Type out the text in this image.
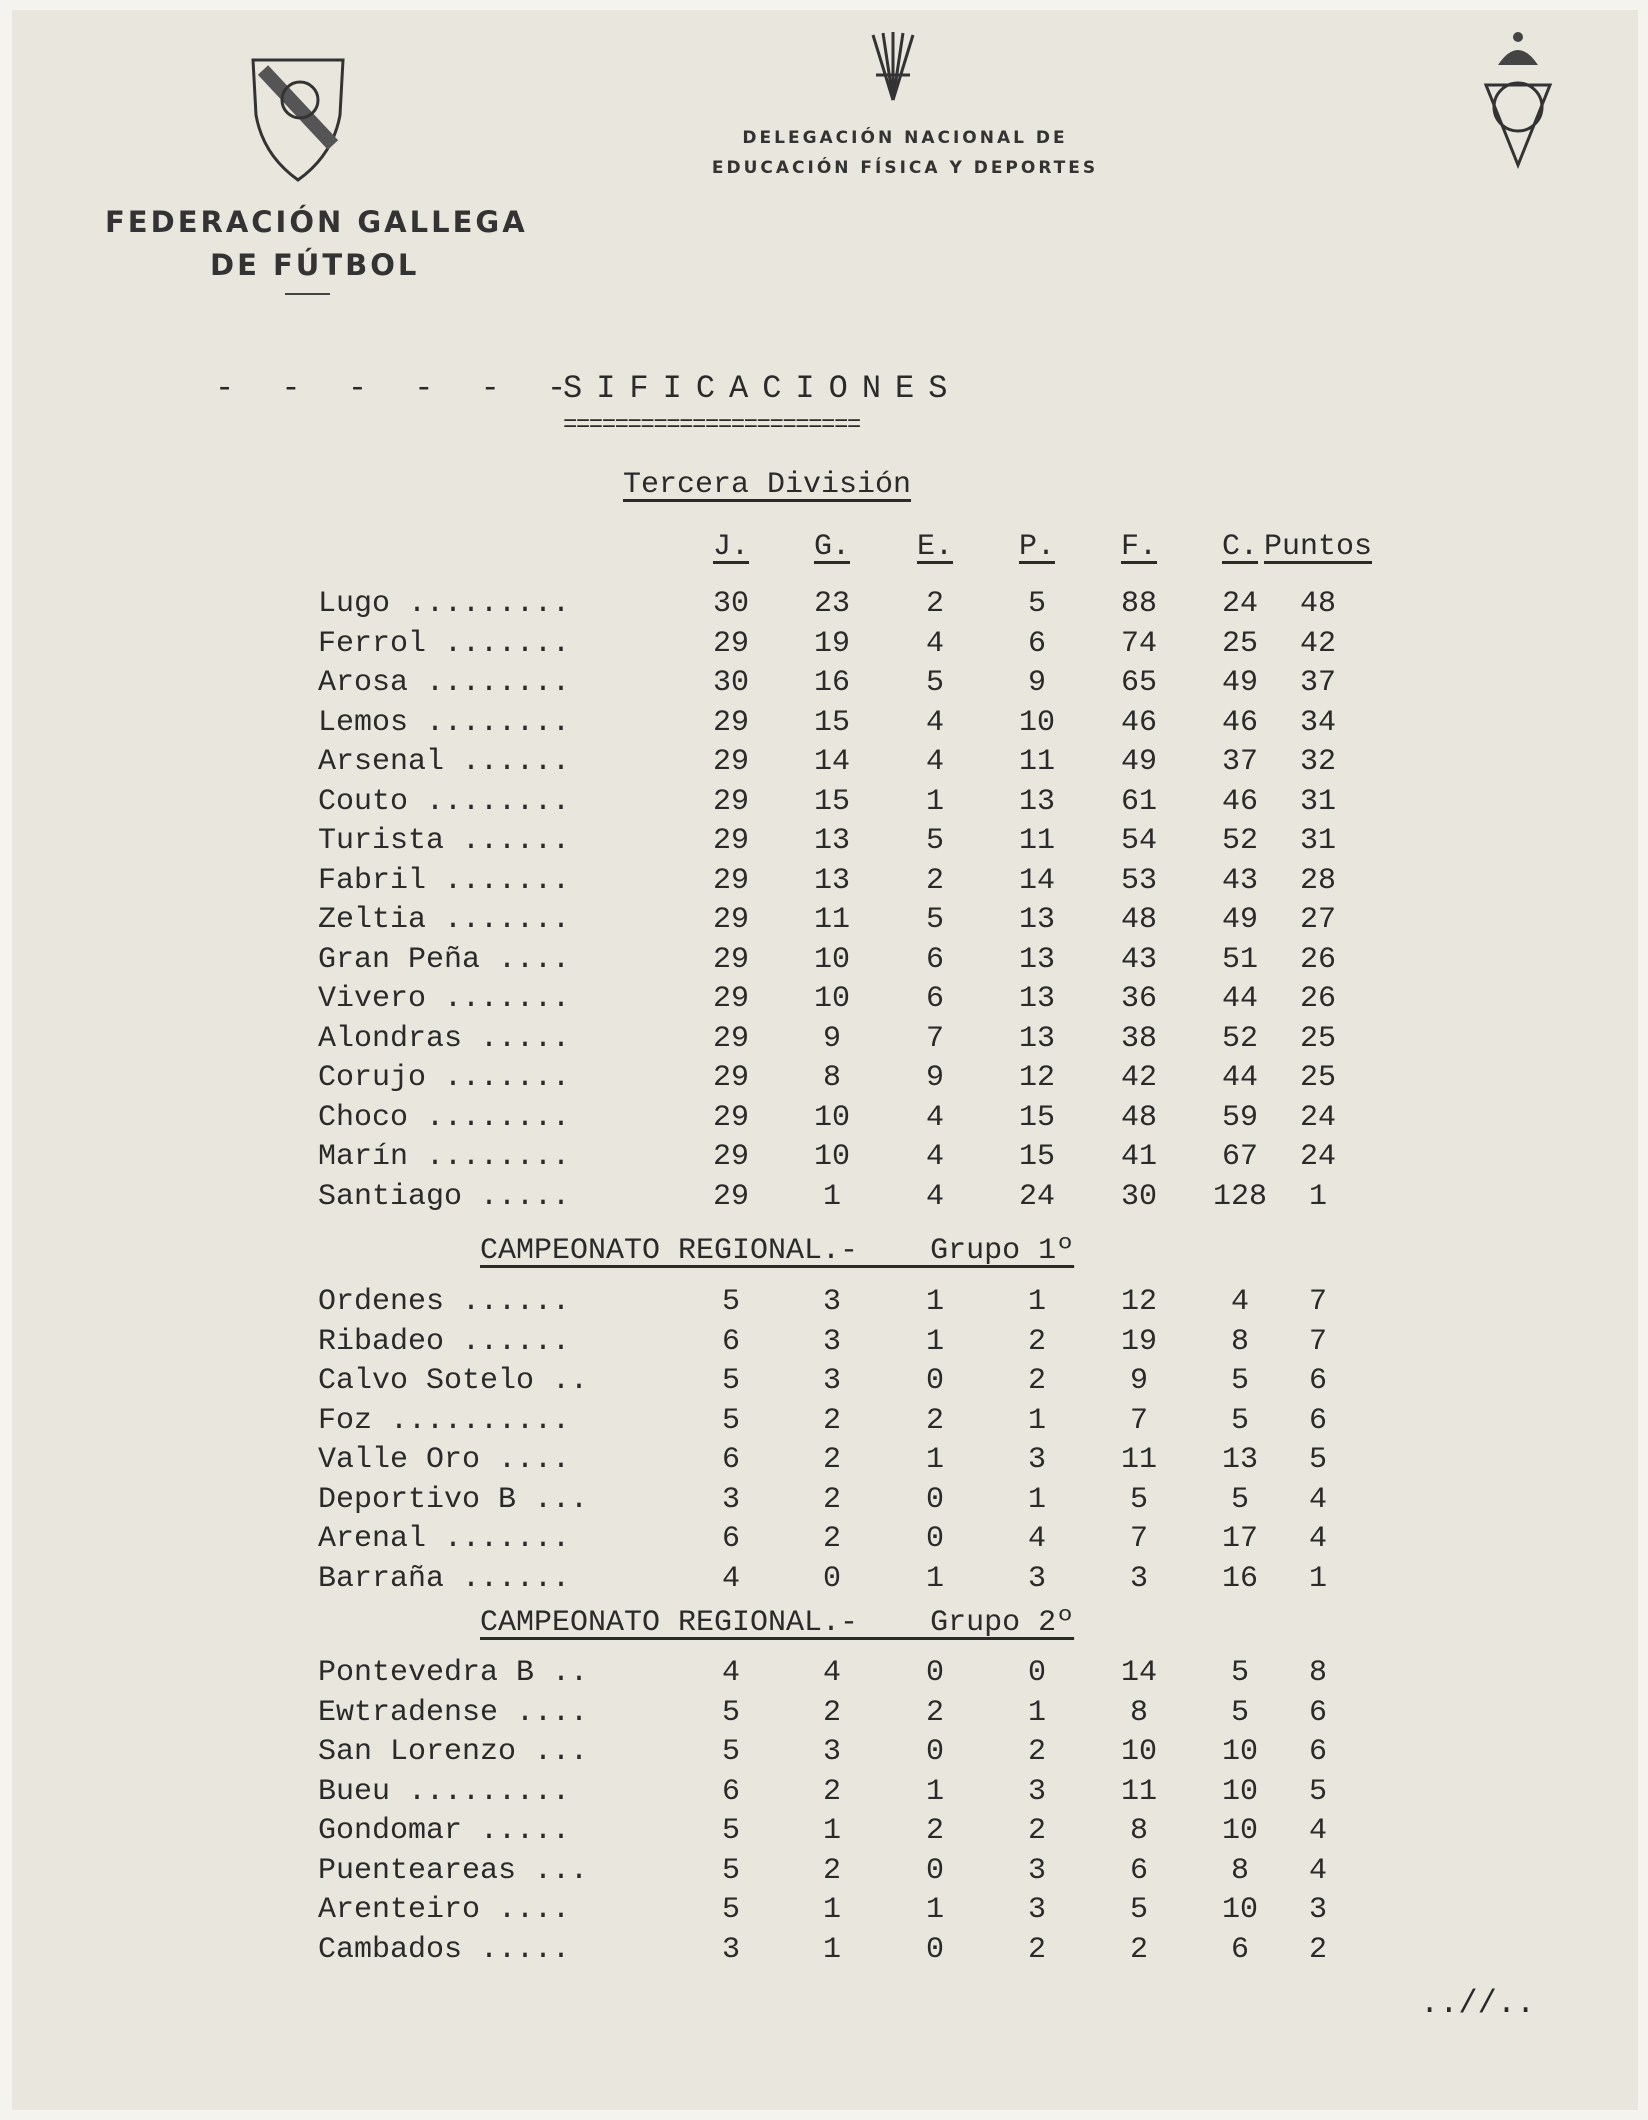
FEDERACIÓN GALLEGA
DE FÚTBOL
DELEGACIÓN NACIONAL DE
EDUCACIÓN FÍSICA Y DEPORTES
- - - - - -
SIFICACIONES
=======================
Tercera División
J.	G.	E.	P.	F.	C. Puntos
Lugo .........	30	23	2	5	88	24	48
Ferrol .......	29	19	4	6	74	25	42
Arosa ........	30	16	5	9	65	49	37
Lemos ........	29	15	4	10	46	46	34
Arsenal ......	29	14	4	11	49	37	32
Couto ........	29	15	1	13	61	46	31
Turista ......	29	13	5	11	54	52	31
Fabril .......	29	13	2	14	53	43	28
Zeltia .......	29	11	5	13	48	49	27
Gran Peña ....	29	10	6	13	43	51	26
Vivero .......	29	10	6	13	36	44	26
Alondras .....	29	9	7	13	38	52	25
Corujo .......	29	8	9	12	42	44	25
Choco ........	29	10	4	15	48	59	24
Marín ........	29	10	4	15	41	67	24
Santiago .....	29	1	4	24	30	128	1
CAMPEONATO REGIONAL.-    Grupo 1º
Ordenes ......	5	3	1	1	12	4	7
Ribadeo ......	6	3	1	2	19	8	7
Calvo Sotelo ..	5	3	0	2	9	5	6
Foz ..........	5	2	2	1	7	5	6
Valle Oro ....	6	2	1	3	11	13	5
Deportivo B ...	3	2	0	1	5	5	4
Arenal .......	6	2	0	4	7	17	4
Barraña ......	4	0	1	3	3	16	1
CAMPEONATO REGIONAL.-    Grupo 2º
Pontevedra B ..	4	4	0	0	14	5	8
Ewtradense ....	5	2	2	1	8	5	6
San Lorenzo ...	5	3	0	2	10	10	6
Bueu .........	6	2	1	3	11	10	5
Gondomar .....	5	1	2	2	8	10	4
Puenteareas ...	5	2	0	3	6	8	4
Arenteiro ....	5	1	1	3	5	10	3
Cambados .....	3	1	0	2	2	6	2
..//..
